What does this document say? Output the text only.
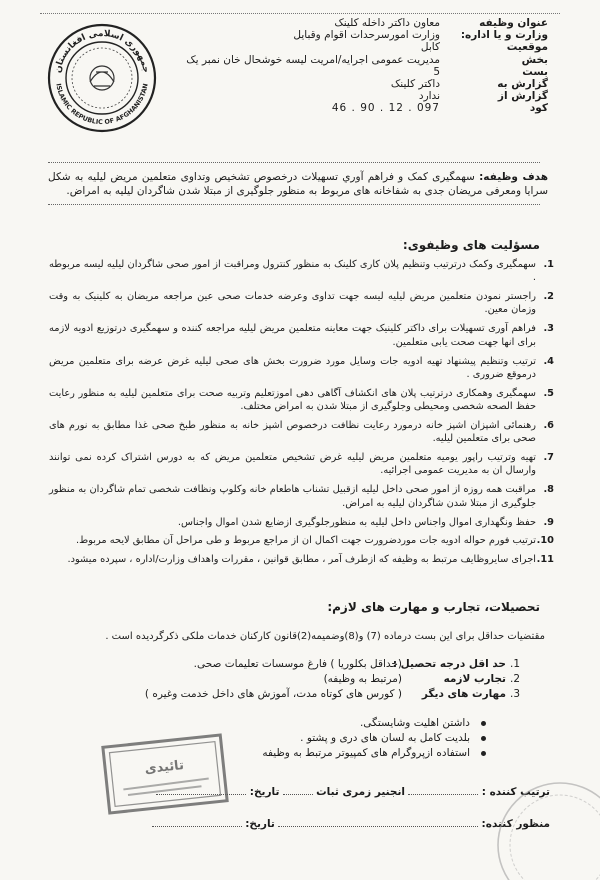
عنوان وظیفه
معاون داکتر داخله کلینک
وزارت و یا اداره:
وزارت امورسرحدات اقوام وقبایل
موقعیت
کابل
بخش
مدیریت عمومی اجرایه/امریت لیسه خوشحال خان نمبر یک
بست
5
گزارش به
داکتر کلینک
گزارش از
ندارد
کود
46 . 90 . 12 . 097
جمهوری اسلامی افغانستان
ISLAMIC REPUBLIC OF AFGHANISTAN
هدف وظیفه: سهمگیری کمک و فراهم آوري تسهیلات درخصوص تشخیص وتداوی متعلمین مریض لیلیه به شکل سرایا ومعرفی مریضان جدی به شفاخانه های مربوط به منظور جلوگیری از مبتلا شدن شاگردان لیلیه به امراض.
مسؤلیت های وظیفوی:
1.
سهمگیری وکمک درترتیب وتنظیم پلان کاری کلینک به منظور کنترول ومراقبت از امور صحی شاگردان لیلیه لیسه مربوطه .
2.
راجستر نمودن متعلمین مریض لیلیه لیسه جهت تداوی وعرضه خدمات صحی عین مراجعه مریضان به کلینیک به وقت وزمان معین.
3.
فراهم آوری تسهیلات برای داکتر کلینیک جهت معاینه متعلمین مریض لیلیه مراجعه کننده و سهمگیری درتوزیع ادویه لازمه برای انها جهت صحت یابی متعلمین.
4.
ترتیب وتنظیم پیشنهاد تهیه ادویه جات وسایل مورد ضرورت بخش های صحی لیلیه غرض عرضه برای متعلمین مریض درموقع ضروری .
5.
سهمگیری وهمکاری درترتیب پلان های انکشاف آگاهی دهی اموزتعلیم وتربیه صحت برای متعلمین لیلیه به منظور رعایت حفظ الصحه شخصی ومحیطی وجلوگیری از مبتلا شدن به امراض مختلف.
6.
رهنمائی اشپزان اشپز خانه درمورد رعایت نظافت درخصوص اشپز خانه به منظور طبخ صحی غذا مطابق به نورم های صحی برای متعلمین لیلیه.
7.
تهیه وترتیب راپور یومیه متعلمین مریض لیلیه غرض تشخیص متعلمین مریض که به دورس اشتراک کرده نمی توانند وارسال ان به مدیریت عمومی اجرائیه.
8.
مراقبت همه روزه از امور صحی داخل لیلیه ازقبیل تشناب هاطعام خانه وکلوپ ونظافت شخصی تمام شاگردان به منظور جلوگیری از مبتلا شدن شاگردان لیلیه به امراض.
9.
حفظ ونگهداری اموال واجناس داخل لیلیه به منظورجلوگیری ازضایع شدن اموال واجناس.
10.
ترتیب فورم حواله ادویه جات موردضرورت جهت اکمال ان از مراجع مربوط و طی مراحل آن مطابق لایحه مربوط.
11.
اجرای سایروظایف مرتبط به وظیفه که ازطرف آمر ، مطابق قوانین ، مقررات واهداف وزارت/اداره ، سپرده میشود.
تحصیلات، تجارب و مهارت های لازم:
مقتضیات حداقل برای این بست درماده (7) و(8)وضمیمه(2)قانون کارکنان خدمات ملکی ذکرگردیده است .
1.
حد اقل درجه تحصیل :
(حداقل بکلوریا ) فارغ موسسات تعلیمات صحی.
2.
تجارب لازمه
(مرتبط به وظیفه)
3.
مهارت های دیگر
( کورس های کوتاه مدت، آموزش های داخل خدمت وغیره )
داشتن اهلیت وشایستگی.
بلدیت کامل به لسان های دری و پشتو .
استفاده ازپروگرام های کمپیوتر مرتبط به وظیفه
ترتیب کننده :  انجنیر زمری ثبات  تاریخ:
منظور کننده:  تاریخ:
تائیدی
